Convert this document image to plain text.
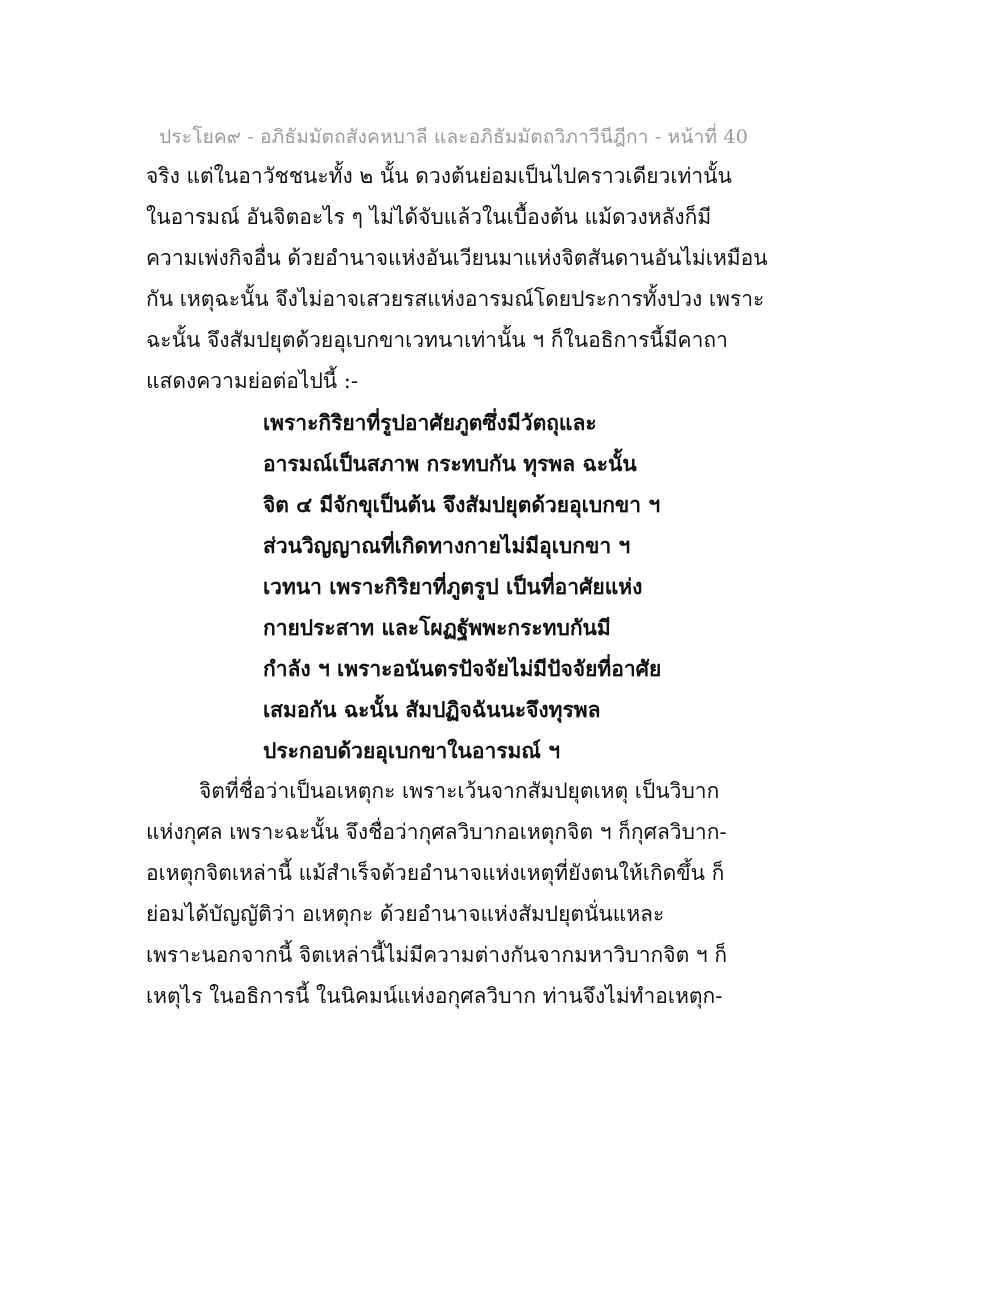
ประโยค๙ - อภิธัมมัตถสังคหบาลี และอภิธัมมัตถวิภาวีนีฎีกา - หน้าที่ 40
จริง แต่ในอาวัชชนะทั้ง ๒ นั้น ดวงต้นย่อมเป็นไปคราวเดียวเท่านั้น
ในอารมณ์ อันจิตอะไร ๆ ไม่ได้จับแล้วในเบื้องต้น แม้ดวงหลังก็มี
ความเพ่งกิจอื่น ด้วยอำนาจแห่งอันเวียนมาแห่งจิตสันดานอันไม่เหมือน
กัน เหตุฉะนั้น จึงไม่อาจเสวยรสแห่งอารมณ์โดยประการทั้งปวง เพราะ
ฉะนั้น จึงสัมปยุตด้วยอุเบกขาเวทนาเท่านั้น ฯ ก็ในอธิการนี้มีคาถา
แสดงความย่อต่อไปนี้ :-
เพราะกิริยาที่รูปอาศัยภูตซึ่งมีวัตถุและ
อารมณ์เป็นสภาพ กระทบกัน ทุรพล ฉะนั้น
จิต ๔ มีจักขุเป็นต้น จึงสัมปยุตด้วยอุเบกขา ฯ
ส่วนวิญญาณที่เกิดทางกายไม่มีอุเบกขา ฯ
เวทนา เพราะกิริยาที่ภูตรูป เป็นที่อาศัยแห่ง
กายประสาท และโผฏฐัพพะกระทบกันมี
กำลัง ฯ เพราะอนันตรปัจจัยไม่มีปัจจัยที่อาศัย
เสมอกัน ฉะนั้น สัมปฏิจฉันนะจึงทุรพล
ประกอบด้วยอุเบกขาในอารมณ์ ฯ
จิตที่ชื่อว่าเป็นอเหตุกะ เพราะเว้นจากสัมปยุตเหตุ เป็นวิบาก
แห่งกุศล เพราะฉะนั้น จึงชื่อว่ากุศลวิบากอเหตุกจิต ฯ ก็กุศลวิบาก-
อเหตุกจิตเหล่านี้ แม้สำเร็จด้วยอำนาจแห่งเหตุที่ยังตนให้เกิดขึ้น ก็
ย่อมได้บัญญัติว่า อเหตุกะ ด้วยอำนาจแห่งสัมปยุตนั่นแหละ
เพราะนอกจากนี้ จิตเหล่านี้ไม่มีความต่างกันจากมหาวิบากจิต ฯ ก็
เหตุไร ในอธิการนี้ ในนิคมน์แห่งอกุศลวิบาก ท่านจึงไม่ทำอเหตุก-
